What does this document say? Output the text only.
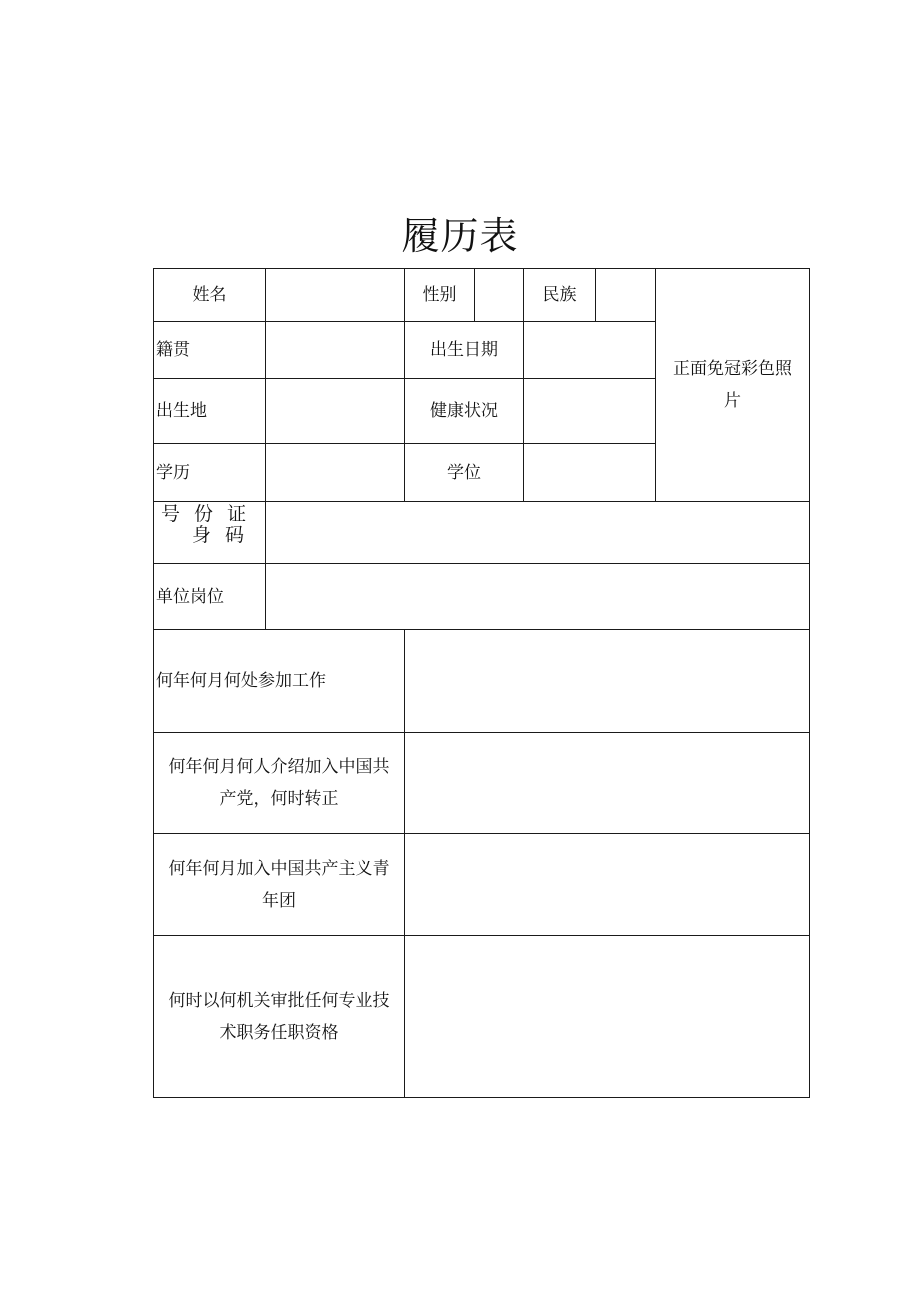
履历表
姓名	性别	民族
正面免冠彩色照
片
籍贯	出生日期
出生地	健康状况
学历	学位
号 份 证
身 码
单位岗位
何年何月何处参加工作
何年何月何人介绍加入中国共
产党，何时转正
何年何月加入中国共产主义青
年团
何时以何机关审批任何专业技
术职务任职资格
